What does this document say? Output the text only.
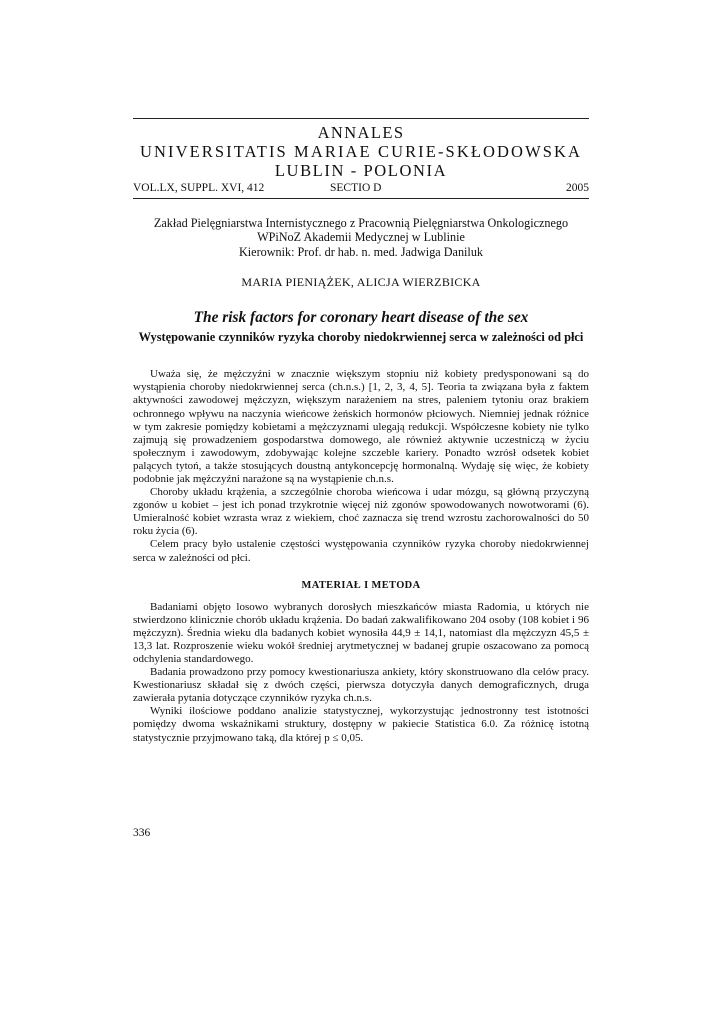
ANNALES
UNIVERSITATIS MARIAE CURIE-SKŁODOWSKA
LUBLIN - POLONIA
VOL.LX, SUPPL. XVI, 412	SECTIO D	2005
Zakład Pielęgniarstwa Internistycznego z Pracownią Pielęgniarstwa Onkologicznego
WPiNoZ Akademii Medycznej w Lublinie
Kierownik: Prof. dr hab. n. med. Jadwiga Daniluk
MARIA PIENIĄŻEK, ALICJA WIERZBICKA
The risk factors for coronary heart disease of the sex
Występowanie czynników ryzyka choroby niedokrwiennej serca w zależności od płci

Uważa się, że mężczyźni w znacznie większym stopniu niż kobiety predysponowani są do wystąpienia choroby niedokrwiennej serca (ch.n.s.) [1, 2, 3, 4, 5]. Teoria ta związana była z faktem aktywności zawodowej mężczyzn, większym narażeniem na stres, paleniem tytoniu oraz brakiem ochronnego wpływu na naczynia wieńcowe żeńskich hormonów płciowych. Niemniej jednak różnice w tym zakresie pomiędzy kobietami a mężczyznami ulegają redukcji. Współczesne kobiety nie tylko zajmują się prowadzeniem gospodarstwa domowego, ale również aktywnie uczestniczą w życiu społecznym i zawodowym, zdobywając kolejne szczeble kariery. Ponadto wzrósł odsetek kobiet palących tytoń, a także stosujących doustną antykoncepcję hormonalną. Wydaję się więc, że kobiety podobnie jak mężczyźni narażone są na wystąpienie ch.n.s.

Choroby układu krążenia, a szczególnie choroba wieńcowa i udar mózgu, są główną przyczyną zgonów u kobiet – jest ich ponad trzykrotnie więcej niż zgonów spowodowanych nowotworami (6). Umieralność kobiet wzrasta wraz z wiekiem, choć zaznacza się trend wzrostu zachorowalności do 50 roku życia (6).

Celem pracy było ustalenie częstości występowania czynników ryzyka choroby niedokrwiennej serca w zależności od płci.

MATERIAŁ I METODA

Badaniami objęto losowo wybranych dorosłych mieszkańców miasta Radomia, u których nie stwierdzono klinicznie chorób układu krążenia. Do badań zakwalifikowano 204 osoby (108 kobiet i 96 mężczyzn). Średnia wieku dla badanych kobiet wynosiła 44,9 ± 14,1, natomiast dla mężczyzn 45,5 ± 13,3 lat. Rozproszenie wieku wokół średniej arytmetycznej w badanej grupie oszacowano za pomocą odchylenia standardowego.

Badania prowadzono przy pomocy kwestionariusza ankiety, który skonstruowano dla celów pracy. Kwestionariusz składał się z dwóch części, pierwsza dotyczyła danych demograficznych, druga zawierała pytania dotyczące czynników ryzyka ch.n.s.

Wyniki ilościowe poddano analizie statystycznej, wykorzystując jednostronny test istotności pomiędzy dwoma wskaźnikami struktury, dostępny w pakiecie Statistica 6.0. Za różnicę istotną statystycznie przyjmowano taką, dla której p ≤ 0,05.

336
